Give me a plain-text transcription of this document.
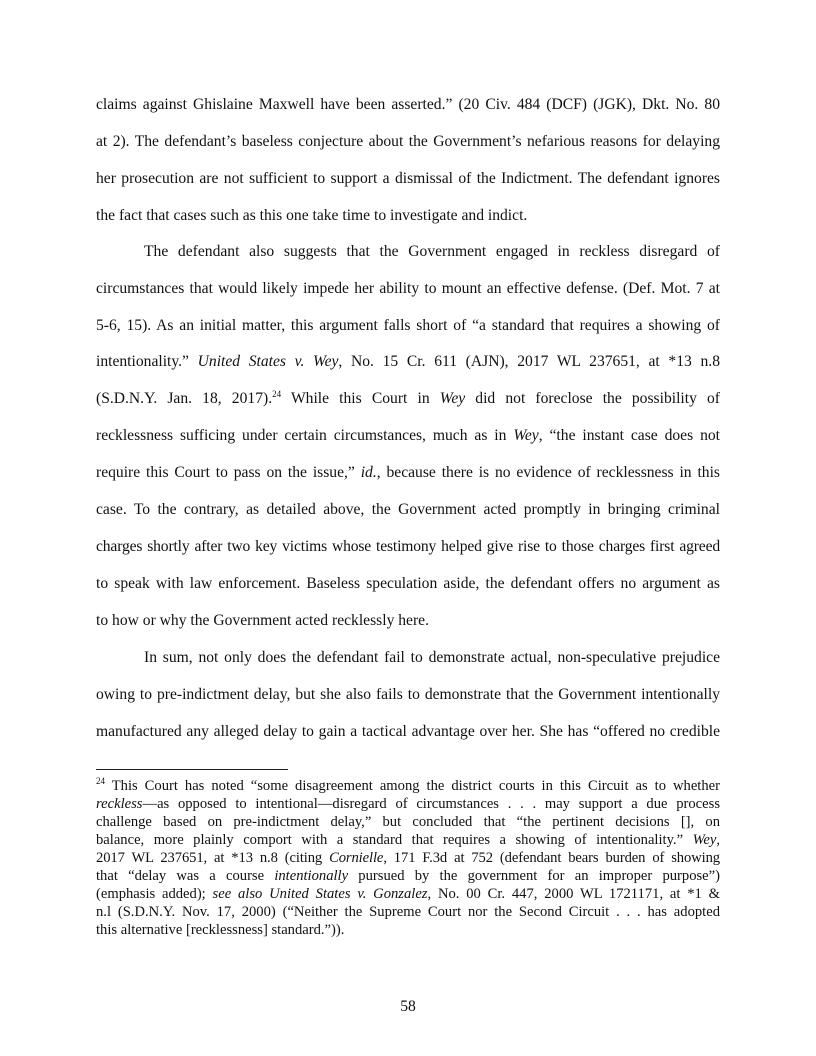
claims against Ghislaine Maxwell have been asserted.” (20 Civ. 484 (DCF) (JGK), Dkt. No. 80
at 2). The defendant’s baseless conjecture about the Government’s nefarious reasons for delaying
her prosecution are not sufficient to support a dismissal of the Indictment. The defendant ignores
the fact that cases such as this one take time to investigate and indict.
The defendant also suggests that the Government engaged in reckless disregard of
circumstances that would likely impede her ability to mount an effective defense. (Def. Mot. 7 at
5-6, 15). As an initial matter, this argument falls short of “a standard that requires a showing of
intentionality.” United States v. Wey, No. 15 Cr. 611 (AJN), 2017 WL 237651, at *13 n.8
(S.D.N.Y. Jan. 18, 2017).$^{24}$ While this Court in Wey did not foreclose the possibility of
recklessness sufficing under certain circumstances, much as in Wey, “the instant case does not
require this Court to pass on the issue,” id., because there is no evidence of recklessness in this
case. To the contrary, as detailed above, the Government acted promptly in bringing criminal
charges shortly after two key victims whose testimony helped give rise to those charges first agreed
to speak with law enforcement. Baseless speculation aside, the defendant offers no argument as
to how or why the Government acted recklessly here.
In sum, not only does the defendant fail to demonstrate actual, non-speculative prejudice
owing to pre-indictment delay, but she also fails to demonstrate that the Government intentionally
manufactured any alleged delay to gain a tactical advantage over her. She has “offered no credible
$^{24}$ This Court has noted “some disagreement among the district courts in this Circuit as to whether
reckless—as opposed to intentional—disregard of circumstances . . . may support a due process
challenge based on pre-indictment delay,” but concluded that “the pertinent decisions [], on
balance, more plainly comport with a standard that requires a showing of intentionality.” Wey,
2017 WL 237651, at *13 n.8 (citing Cornielle, 171 F.3d at 752 (defendant bears burden of showing
that “delay was a course intentionally pursued by the government for an improper purpose”)
(emphasis added); see also United States v. Gonzalez, No. 00 Cr. 447, 2000 WL 1721171, at *1 &
n.l (S.D.N.Y. Nov. 17, 2000) (“Neither the Supreme Court nor the Second Circuit . . . has adopted
this alternative [recklessness] standard.”)).
58
